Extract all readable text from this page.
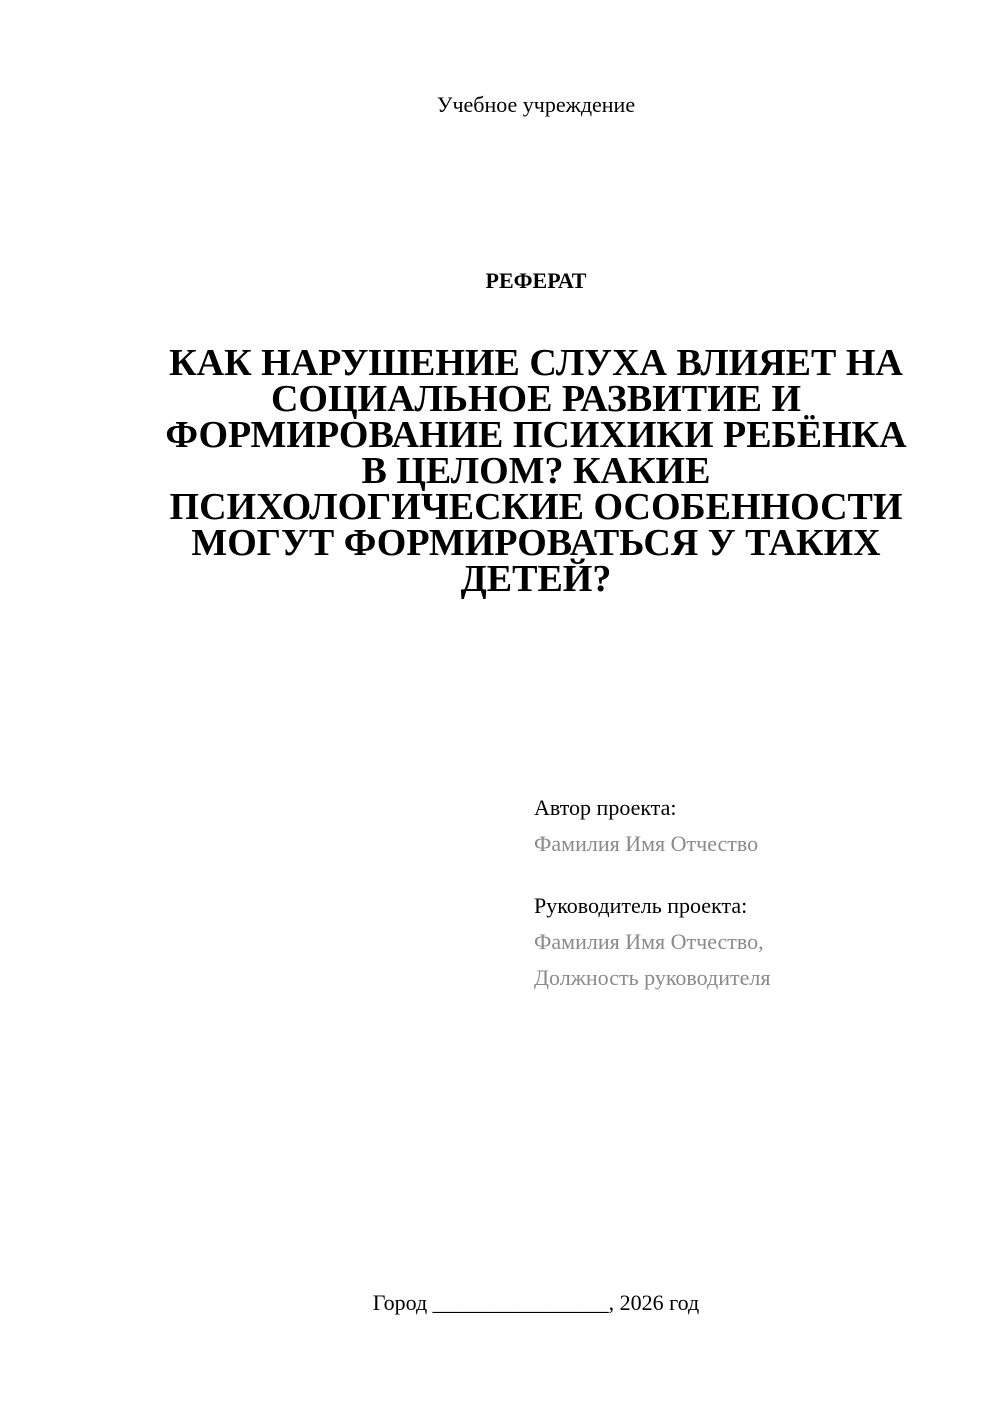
Учебное учреждение
РЕФЕРАТ
КАК НАРУШЕНИЕ СЛУХА ВЛИЯЕТ НА
СОЦИАЛЬНОЕ РАЗВИТИЕ И
ФОРМИРОВАНИЕ ПСИХИКИ РЕБЁНКА
В ЦЕЛОМ? КАКИЕ
ПСИХОЛОГИЧЕСКИЕ ОСОБЕННОСТИ
МОГУТ ФОРМИРОВАТЬСЯ У ТАКИХ
ДЕТЕЙ?
Автор проекта:
Фамилия Имя Отчество
Руководитель проекта:
Фамилия Имя Отчество,
Должность руководителя
Город ________________, 2026 год
